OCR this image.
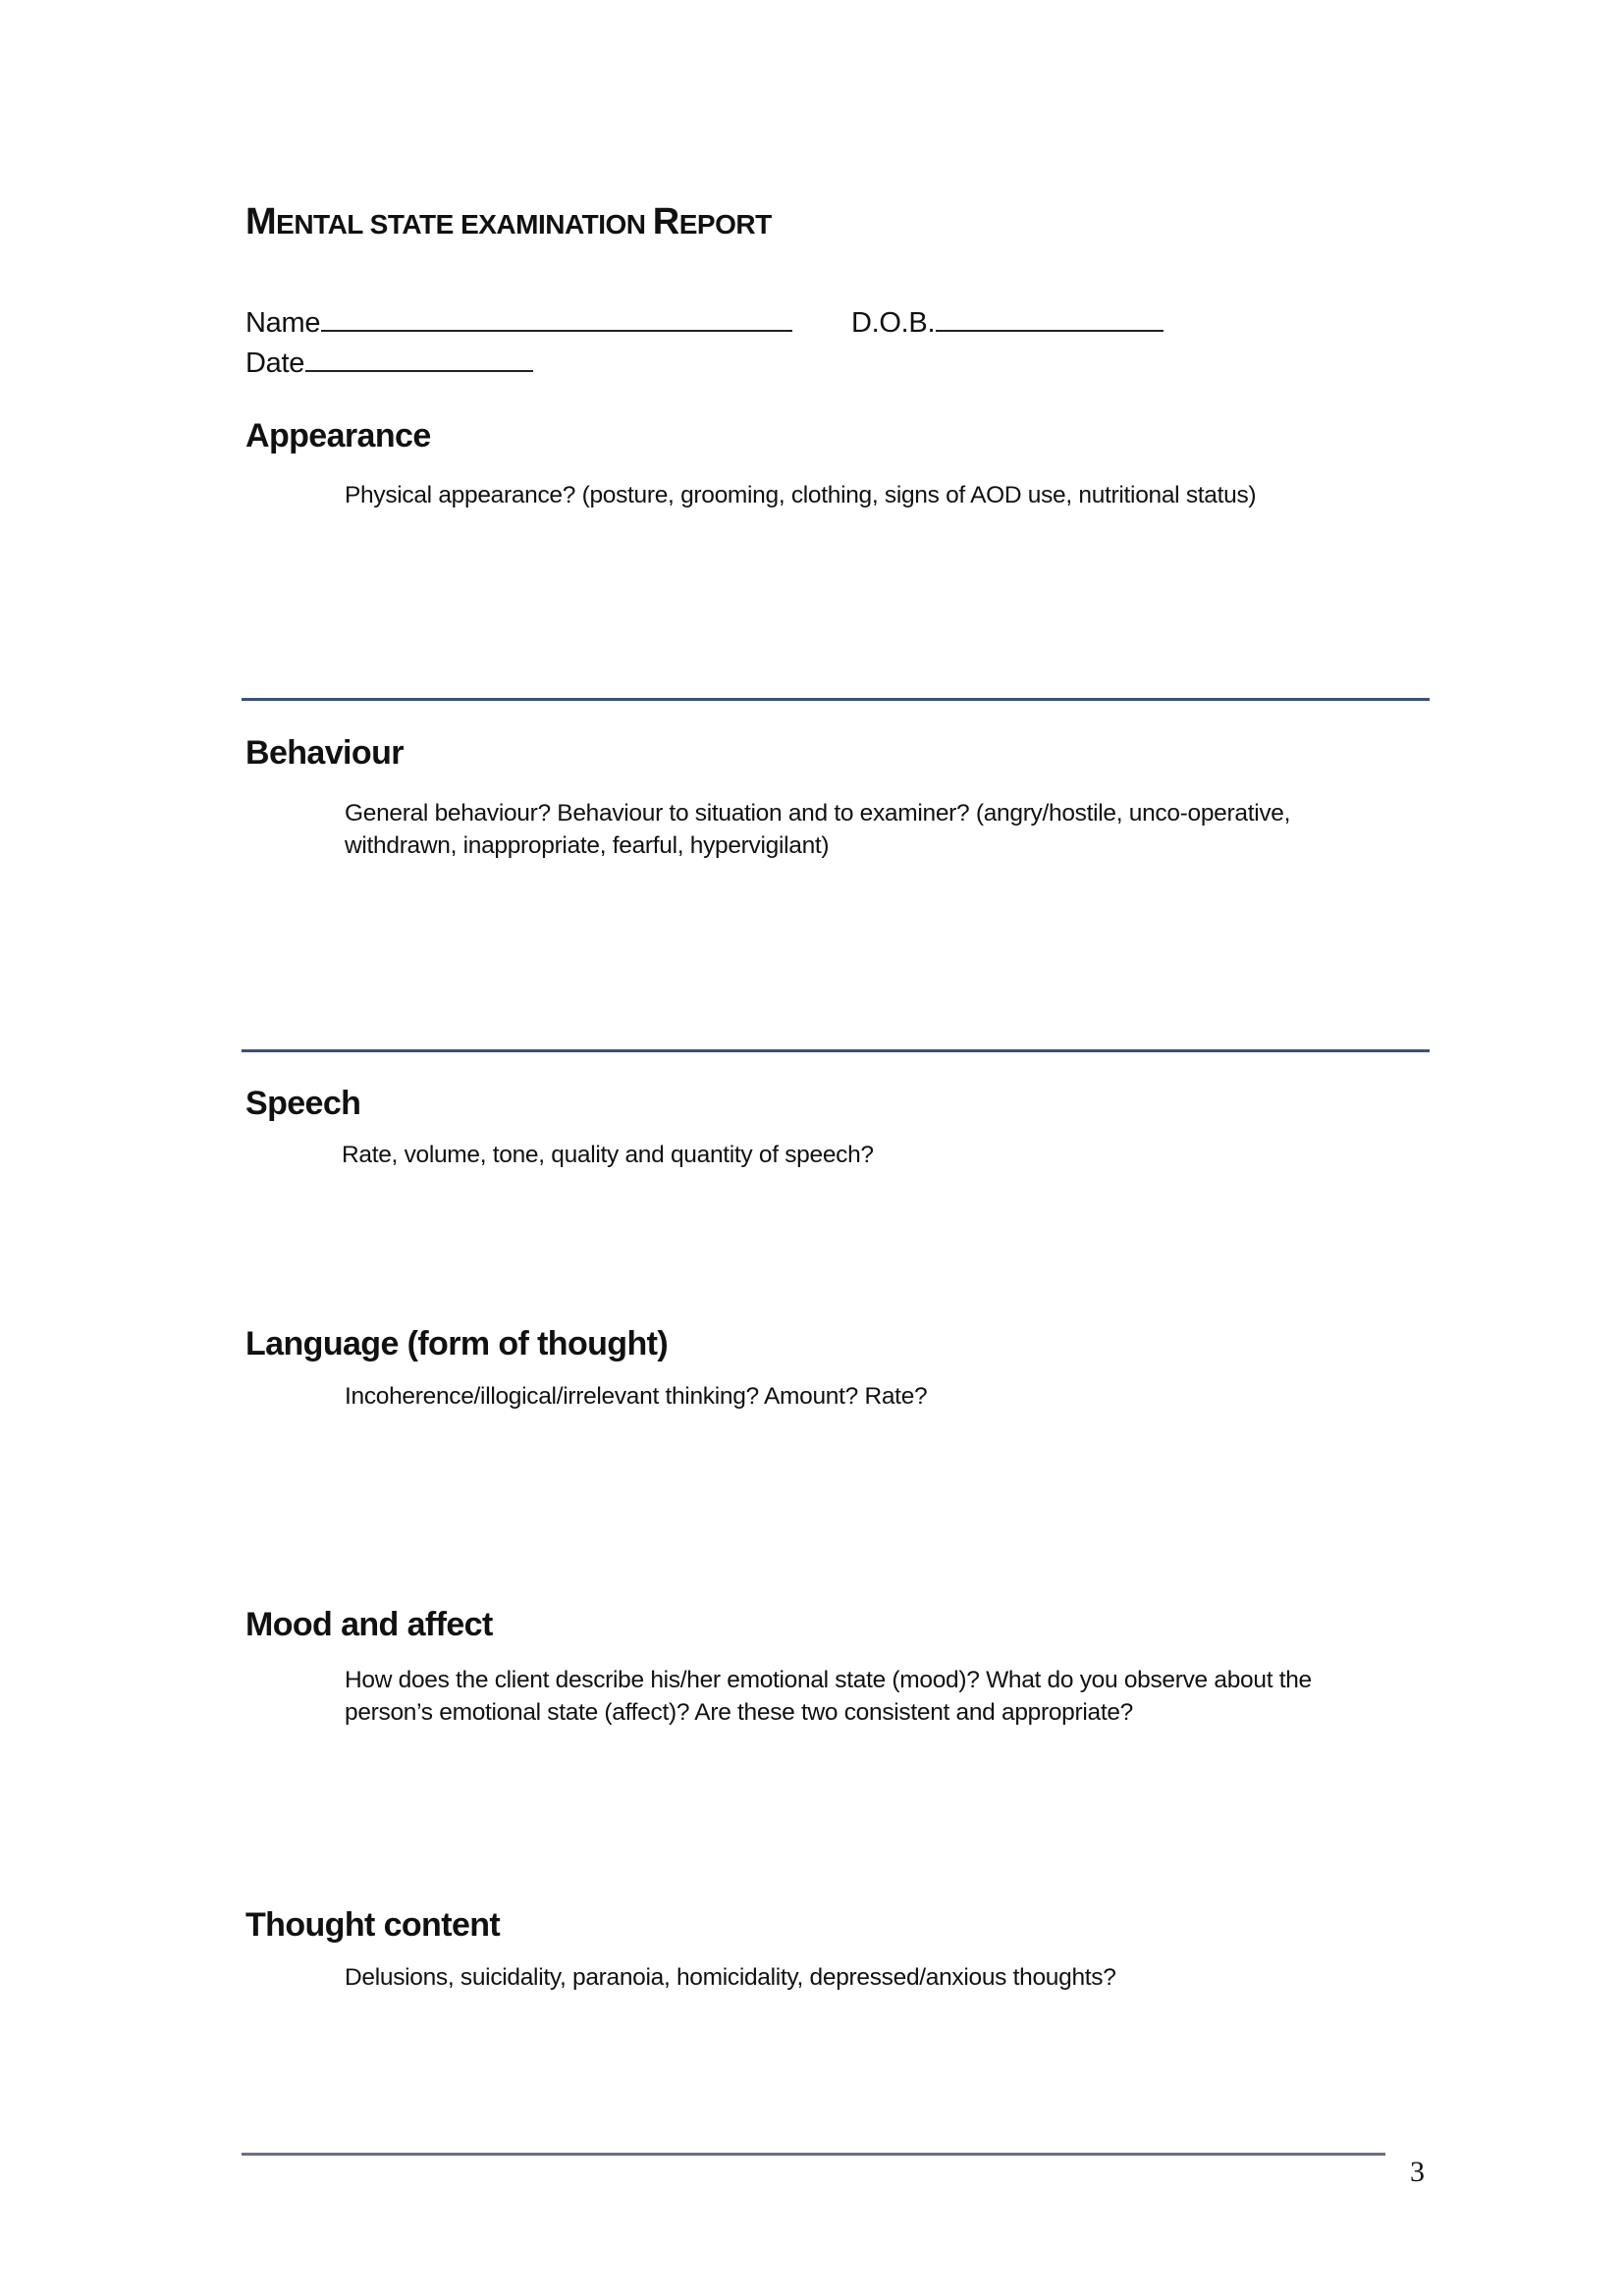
MENTAL STATE EXAMINATION REPORT
Name	D.O.B.
Date
Appearance
Physical appearance? (posture, grooming, clothing, signs of AOD use, nutritional status)
Behaviour
General behaviour? Behaviour to situation and to examiner? (angry/hostile, unco-operative, withdrawn, inappropriate, fearful, hypervigilant)
Speech
Rate, volume, tone, quality and quantity of speech?
Language (form of thought)
Incoherence/illogical/irrelevant thinking? Amount? Rate?
Mood and affect
How does the client describe his/her emotional state (mood)? What do you observe about the person’s emotional state (affect)? Are these two consistent and appropriate?
Thought content
Delusions, suicidality, paranoia, homicidality, depressed/anxious thoughts?
3
